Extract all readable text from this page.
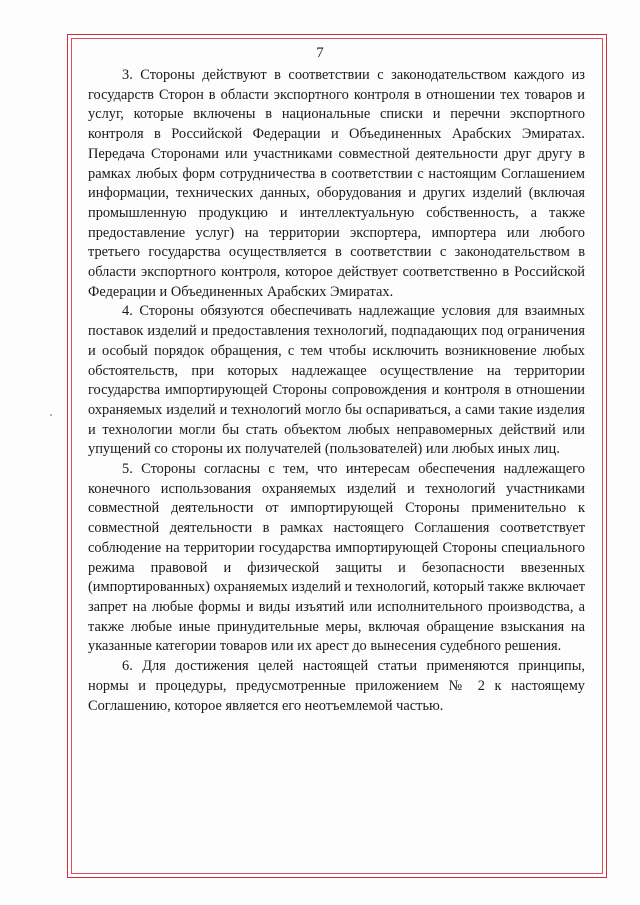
7

3. Стороны действуют в соответствии с законодательством каждого из государств Сторон в области экспортного контроля в отношении тех товаров и услуг, которые включены в национальные списки и перечни экспортного контроля в Российской Федерации и Объединенных Арабских Эмиратах. Передача Сторонами или участниками совместной деятельности друг другу в рамках любых форм сотрудничества в соответствии с настоящим Соглашением информации, технических данных, оборудования и других изделий (включая промышленную продукцию и интеллектуальную собственность, а также предоставление услуг) на территории экспортера, импортера или любого третьего государства осуществляется в соответствии с законодательством в области экспортного контроля, которое действует соответственно в Российской Федерации и Объединенных Арабских Эмиратах.

4. Стороны обязуются обеспечивать надлежащие условия для взаимных поставок изделий и предоставления технологий, подпадающих под ограничения и особый порядок обращения, с тем чтобы исключить возникновение любых обстоятельств, при которых надлежащее осуществление на территории государства импортирующей Стороны сопровождения и контроля в отношении охраняемых изделий и технологий могло бы оспариваться, а сами такие изделия и технологии могли бы стать объектом любых неправомерных действий или упущений со стороны их получателей (пользователей) или любых иных лиц.

5. Стороны согласны с тем, что интересам обеспечения надлежащего конечного использования охраняемых изделий и технологий участниками совместной деятельности от импортирующей Стороны применительно к совместной деятельности в рамках настоящего Соглашения соответствует соблюдение на территории государства импортирующей Стороны специального режима правовой и физической защиты и безопасности ввезенных (импортированных) охраняемых изделий и технологий, который также включает запрет на любые формы и виды изъятий или исполнительного производства, а также любые иные принудительные меры, включая обращение взыскания на указанные категории товаров или их арест до вынесения судебного решения.

6. Для достижения целей настоящей статьи применяются принципы, нормы и процедуры, предусмотренные приложением № 2 к настоящему Соглашению, которое является его неотъемлемой частью.
